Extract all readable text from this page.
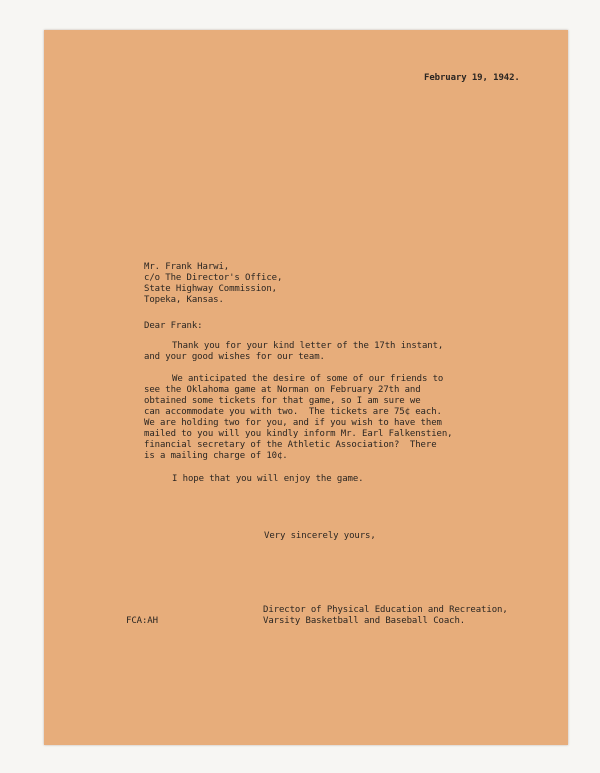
February 19, 1942.
Mr. Frank Harwi,
c/o The Director's Office,
State Highway Commission,
Topeka, Kansas.
Dear Frank:
Thank you for your kind letter of the 17th instant,
and your good wishes for our team.
We anticipated the desire of some of our friends to
see the Oklahoma game at Norman on February 27th and
obtained some tickets for that game, so I am sure we
can accommodate you with two.  The tickets are 75¢ each.
We are holding two for you, and if you wish to have them
mailed to you will you kindly inform Mr. Earl Falkenstien,
financial secretary of the Athletic Association?  There
is a mailing charge of 10¢.
I hope that you will enjoy the game.
Very sincerely yours,
Director of Physical Education and Recreation,
Varsity Basketball and Baseball Coach.
FCA:AH
